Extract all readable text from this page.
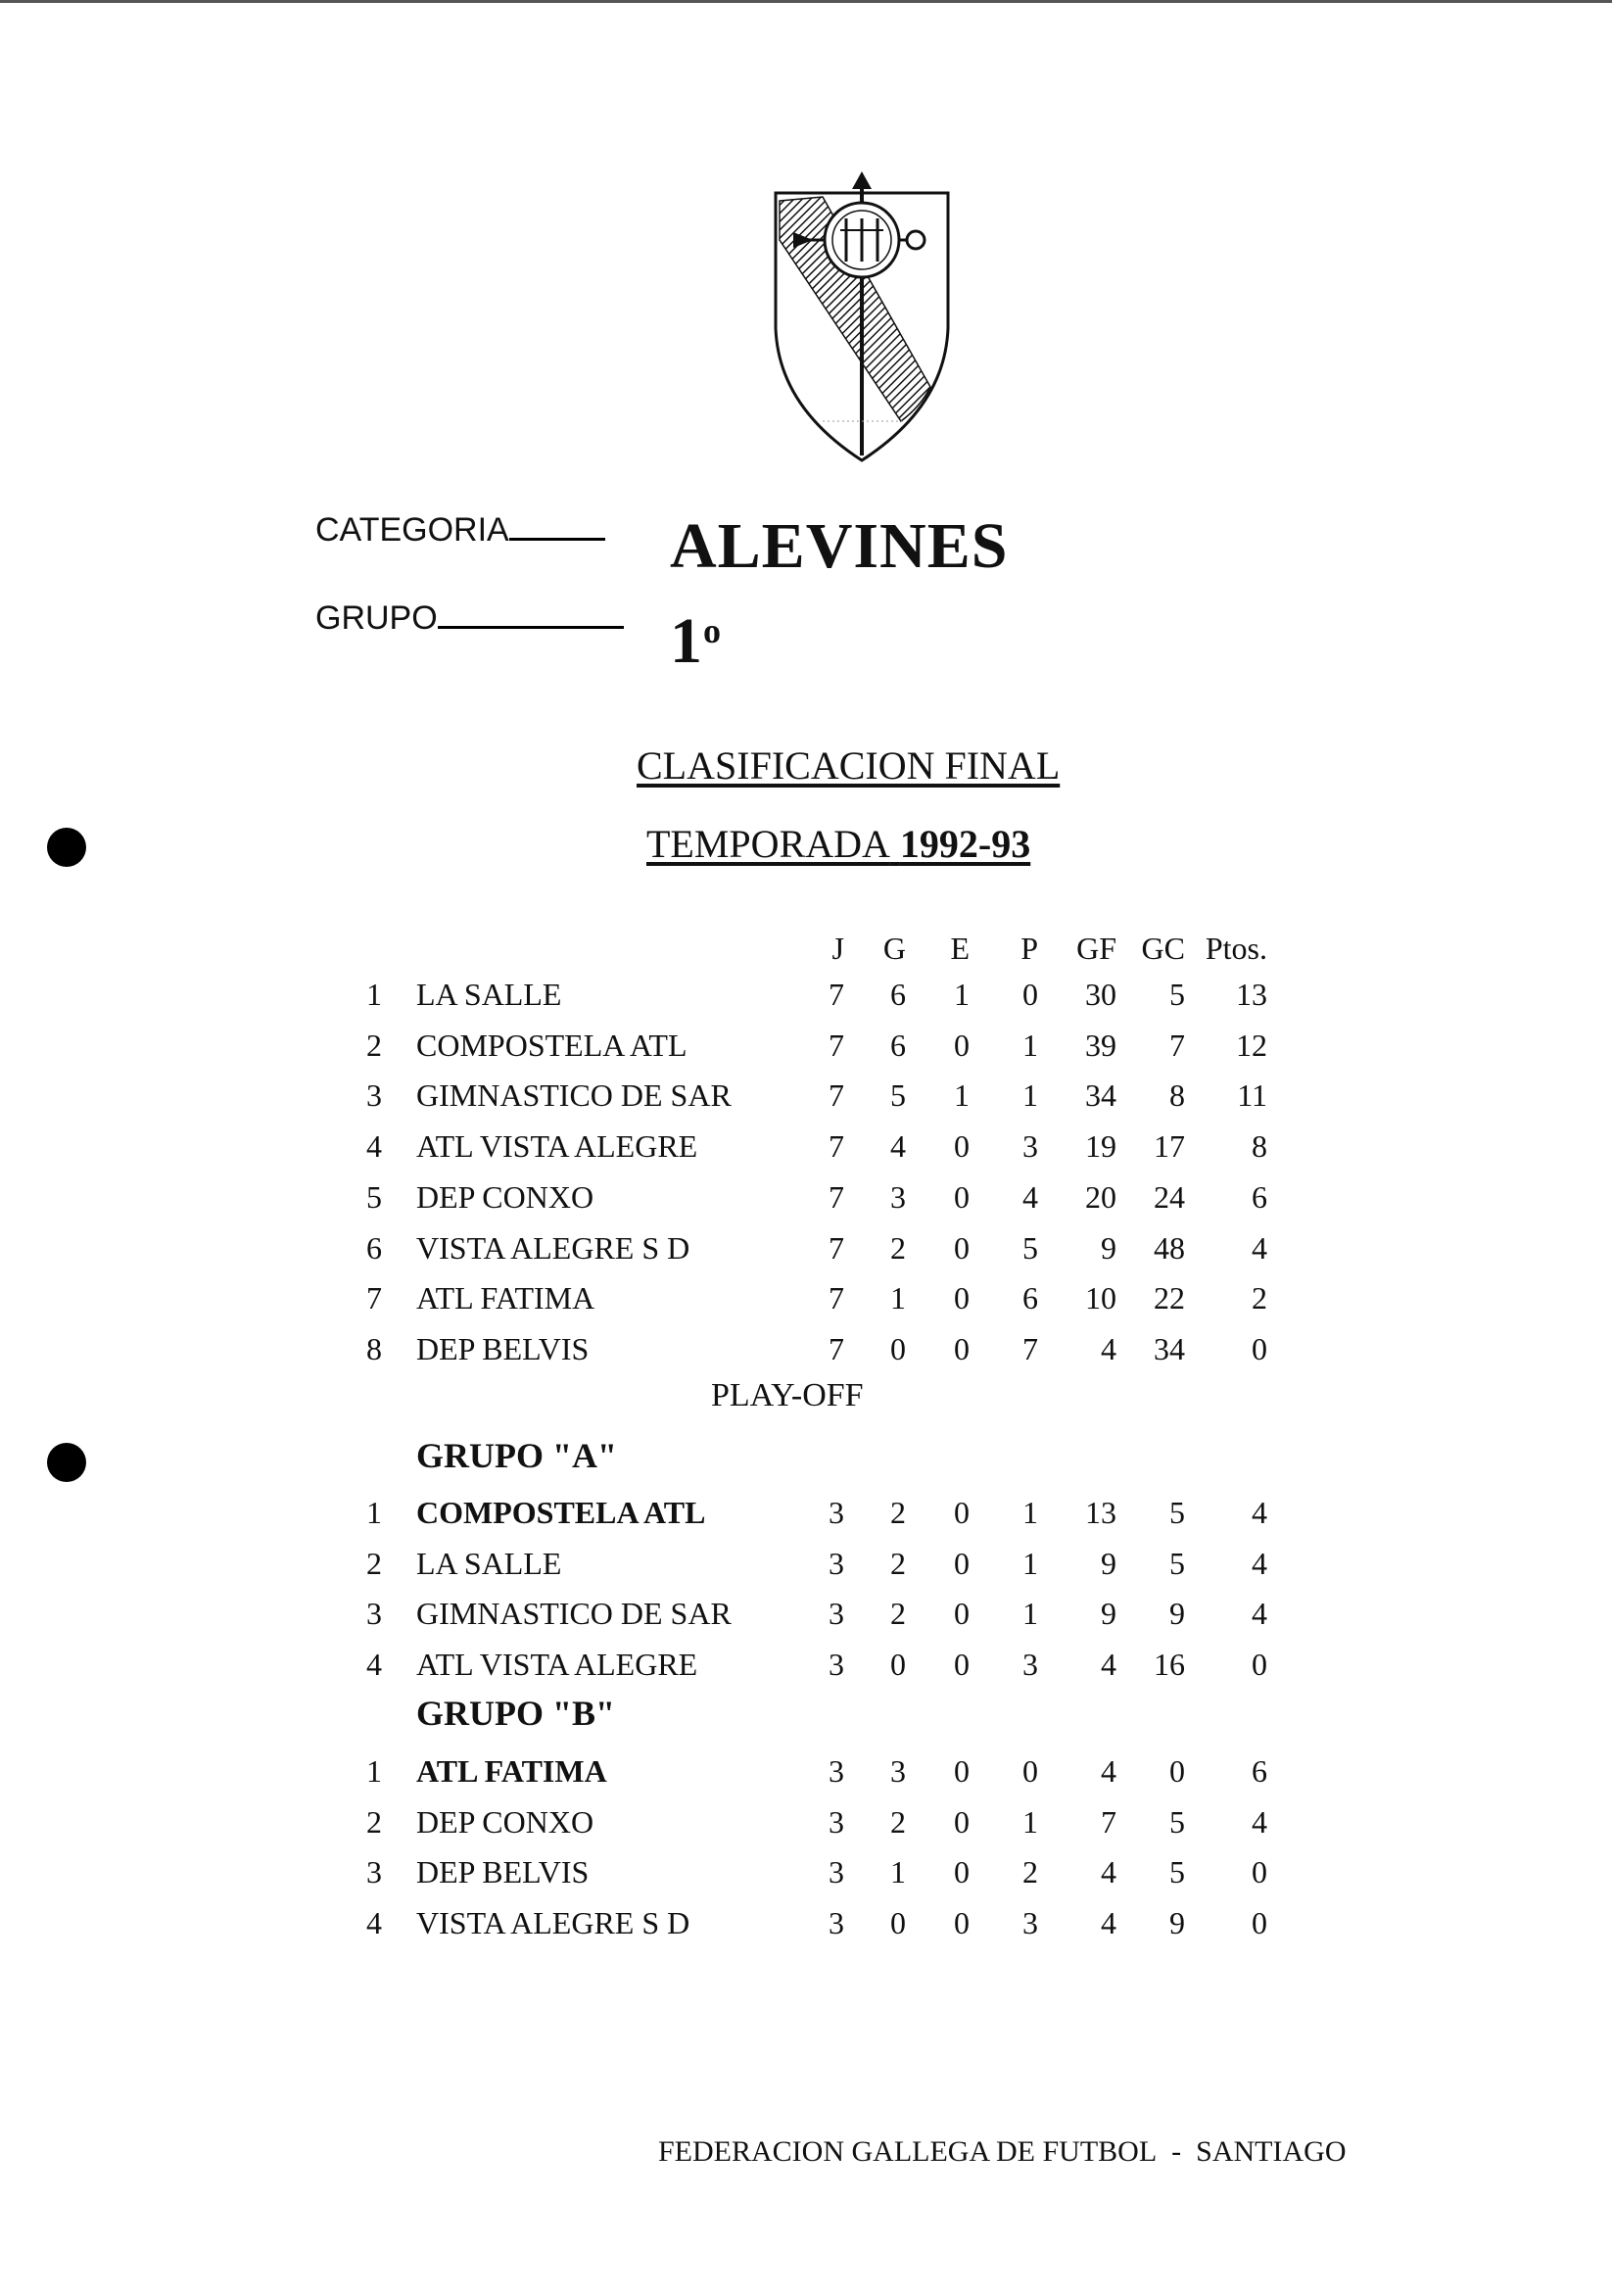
CATEGORIA	ALEVINES
GRUPO	1$^o$
CLASIFICACION FINAL
TEMPORADA 1992-93
J	G	E	P	GF GC Ptos.
1 LA SALLE	7	6	1	0	30	5	13
2 COMPOSTELA ATL	7	6	0	1	39	7	12
3 GIMNASTICO DE SAR	7	5	1	1	34	8	11
4 ATL VISTA ALEGRE	7	4	0	3	19	17	8
5 DEP CONXO	7	3	0	4	20	24	6
6 VISTA ALEGRE S D	7	2	0	5	9	48	4
7 ATL FATIMA	7	1	0	6	10	22	2
8 DEP BELVIS	7	0	0	7	4	34	0
PLAY-OFF
GRUPO "A"
1 COMPOSTELA ATL	3	2	0	1	13	5	4
2 LA SALLE	3	2	0	1	9	5	4
3 GIMNASTICO DE SAR	3	2	0	1	9	9	4
4 ATL VISTA ALEGRE	3	0	0	3	4	16	0
GRUPO "B"
1 ATL FATIMA	3	3	0	0	4	0	6
2 DEP CONXO	3	2	0	1	7	5	4
3 DEP BELVIS	3	1	0	2	4	5	0
4 VISTA ALEGRE S D	3	0	0	3	4	9	0
FEDERACION GALLEGA DE FUTBOL - SANTIAGO
